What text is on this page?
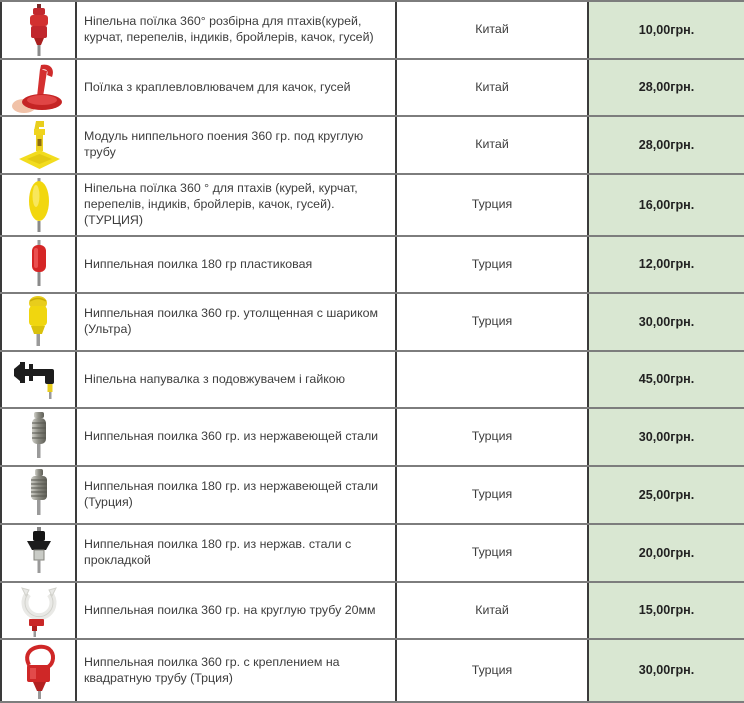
	Ніпельна поїлка 360° розбірна для птахів(курей, курчат, перепелів, індиків, бройлерів, качок, гусей)	Китай	10,00грн.

	Поїлка з краплевловлювачем для качок, гусей	Китай	28,00грн.

	Модуль ниппельного поения 360 гр. под круглую трубу	Китай	28,00грн.

	Ніпельна поїлка 360 ° для птахів (курей, курчат, перепелів, індиків, бройлерів, качок, гусей). (ТУРЦИЯ)	Турция	16,00грн.

	Ниппельная поилка 180 гр пластиковая	Турция	12,00грн.

	Ниппельная поилка 360 гр. утолщенная с шариком (Ультра)	Турция	30,00грн.

	Ніпельна напувалка з подовжувачем і гайкою		45,00грн.

	Ниппельная поилка 360 гр. из нержавеющей стали	Турция	30,00грн.

	Ниппельная поилка 180 гр. из нержавеющей стали (Турция)	Турция	25,00грн.

	Ниппельная поилка 180 гр. из нержав. стали с прокладкой	Турция	20,00грн.

	Ниппельная поилка 360 гр. на круглую трубу 20мм	Китай	15,00грн.

	Ниппельная поилка 360 гр. с креплением на квадратную трубу (Трция)	Турция	30,00грн.
